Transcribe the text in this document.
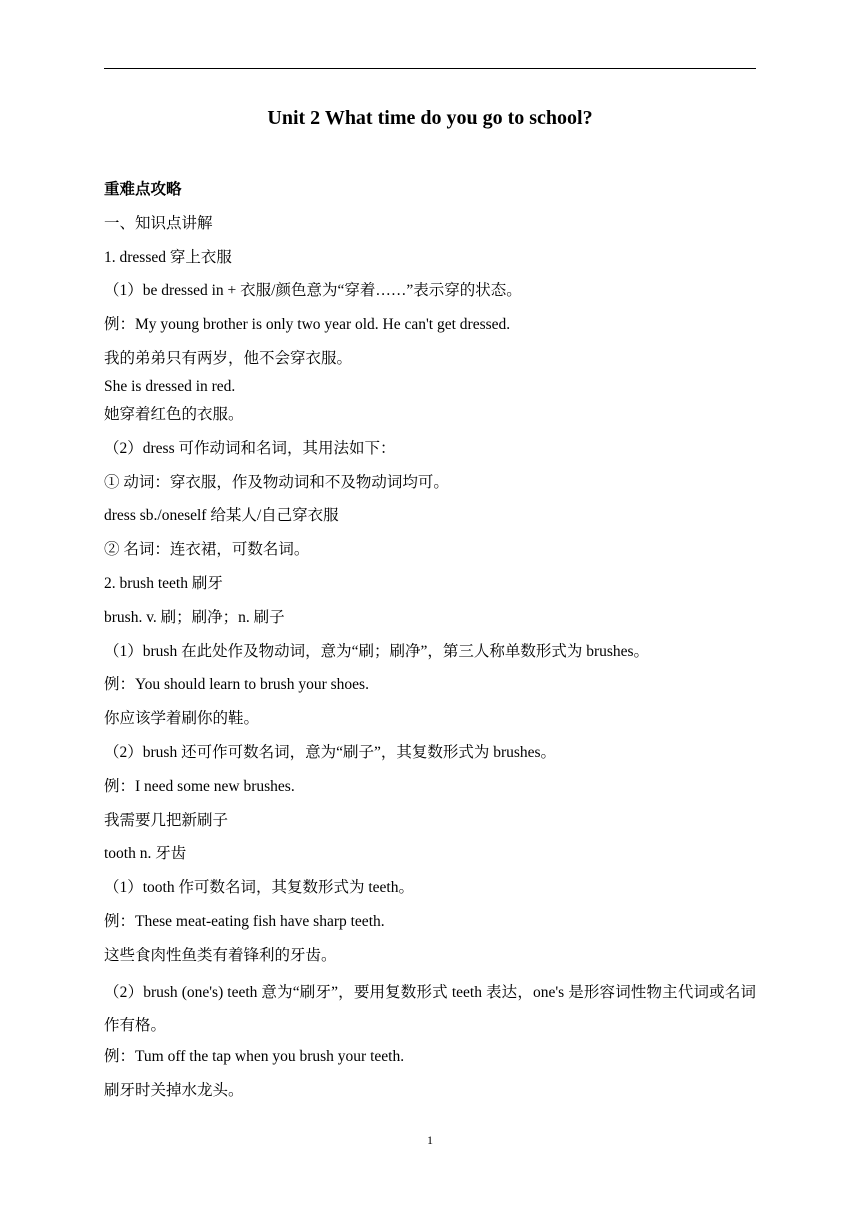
Unit 2 What time do you go to school?
重难点攻略
一、知识点讲解
1. dressed 穿上衣服
（1）be dressed in + 衣服/颜色意为“穿着……”表示穿的状态。
例：My young brother is only two year old. He can't get dressed.
我的弟弟只有两岁，他不会穿衣服。
She is dressed in red.
她穿着红色的衣服。
（2）dress 可作动词和名词，其用法如下：
① 动词：穿衣服，作及物动词和不及物动词均可。
dress sb./oneself 给某人/自己穿衣服
② 名词：连衣裙，可数名词。
2. brush teeth 刷牙
brush. v. 刷；刷净；n. 刷子
（1）brush 在此处作及物动词，意为“刷；刷净”，第三人称单数形式为 brushes。
例：You should learn to brush your shoes.
你应该学着刷你的鞋。
（2）brush 还可作可数名词，意为“刷子”，其复数形式为 brushes。
例：I need some new brushes.
我需要几把新刷子
tooth n. 牙齿
（1）tooth 作可数名词，其复数形式为 teeth。
例：These meat-eating fish have sharp teeth.
这些食肉性鱼类有着锋利的牙齿。
（2）brush (one's) teeth 意为“刷牙”，要用复数形式 teeth 表达，one's 是形容词性物主代词或名词作有格。
例：Tum off the tap when you brush your teeth.
刷牙时关掉水龙头。
1
